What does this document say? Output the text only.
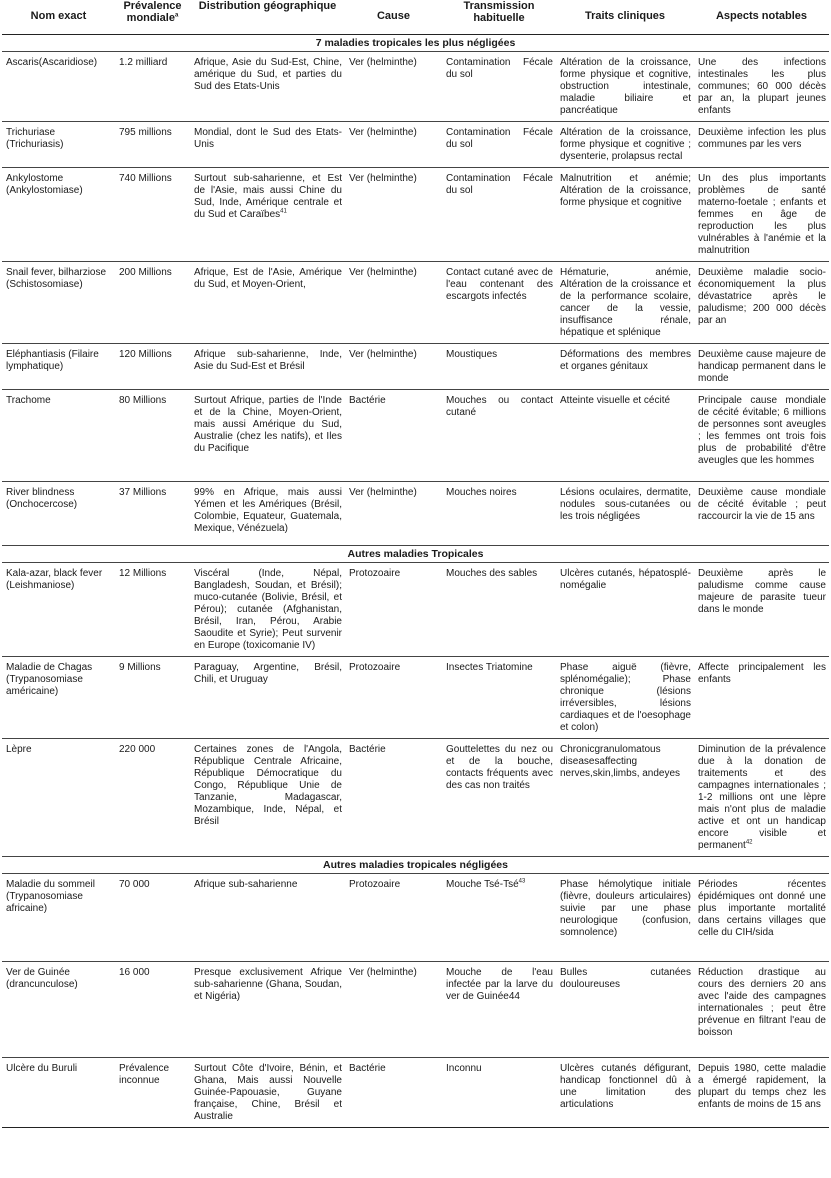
Nom exact	Prévalence mondiale$^a$	Distribution géographique	Cause	Transmission habituelle	Traits cliniques	Aspects notables

7 maladies tropicales les plus négligées						
Ascaris(Ascaridiose)	1.2 milliard	Afrique, Asie du Sud-Est, Chine, amérique du Sud, et parties du Sud des Etats-Unis	Ver (helminthe)	Contamination Fécale du sol	Altération de la croissance, forme physique et cognitive, obstruction intestinale, maladie biliaire et pancréatique	Une des infections intestinales les plus communes; 60 000 décès par an, la plupart jeunes enfants
Trichuriase (Trichuriasis)	795 millions	Mondial, dont le Sud des Etats-Unis	Ver (helminthe)	Contamination Fécale du sol	Altération de la croissance, forme physique et cognitive ; dysenterie, prolapsus rectal	Deuxième infection les plus communes par les vers
Ankylostome (Ankylostomiase)	740 Millions	Surtout sub-saharienne, et Est de l'Asie, mais aussi Chine du Sud, Inde, Amérique centrale et du Sud et Caraïbes$^{41}$	Ver (helminthe)	Contamination Fécale du sol	Malnutrition et anémie; Altération de la croissance, forme physique et cognitive	Un des plus importants problèmes de santé materno-foetale ; enfants et femmes en âge de reproduction les plus vulnérables à l'anémie et la malnutrition
Snail fever, bilharziose (Schistosomiase)	200 Millions	Afrique, Est de l'Asie, Amérique du Sud, et Moyen-Orient,	Ver (helminthe)	Contact cutané avec de l'eau contenant des escargots infectés	Hématurie, anémie, Altération de la croissance et de la performance scolaire, cancer de la vessie, insuffisance rénale, hépatique et splénique	Deuxième maladie socio-économiquement la plus dévastatrice après le paludisme; 200 000 décès par an
Eléphantiasis (Filaire lymphatique)	120 Millions	Afrique sub-saharienne, Inde, Asie du Sud-Est et Brésil	Ver (helminthe)	Moustiques	Déformations des membres et organes génitaux	Deuxième cause majeure de handicap permanent dans le monde
Trachome	80 Millions	Surtout Afrique, parties de l'Inde et de la Chine, Moyen-Orient, mais aussi Amérique du Sud, Australie (chez les natifs), et Iles du Pacifique	Bactérie	Mouches ou contact cutané	Atteinte visuelle et cécité	Principale cause mondiale de cécité évitable; 6 millions de personnes sont aveugles ; les femmes ont trois fois plus de probabilité d'être aveugles que les hommes
River blindness (Onchocercose)	37 Millions	99% en Afrique, mais aussi Yémen et les Amériques (Brésil, Colombie, Equateur, Guatemala, Mexique, Vénézuela)	Ver (helminthe)	Mouches noires	Lésions oculaires, dermatite, nodules sous-cutanées ou les trois négligées	Deuxième cause mondiale de cécité évitable ; peut raccourcir la vie de 15 ans
Autres maladies Tropicales						
Kala-azar, black fever (Leishmaniose)	12 Millions	Viscéral (Inde, Népal, Bangladesh, Soudan, et Brésil); muco-cutanée (Bolivie, Brésil, et Pérou); cutanée (Afghanistan, Brésil, Iran, Pérou, Arabie Saoudite et Syrie); Peut survenir en Europe (toxicomanie IV)	Protozoaire	Mouches des sables	Ulcères cutanés, hépatosplé-nomégalie	Deuxième après le paludisme comme cause majeure de parasite tueur dans le monde
Maladie de Chagas (Trypanosomiase américaine)	9 Millions	Paraguay, Argentine, Brésil, Chili, et Uruguay	Protozoaire	Insectes Triatomine	Phase aiguë (fièvre, splénomégalie); Phase chronique (lésions irréversibles, lésions cardiaques et de l'oesophage et colon)	Affecte principalement les enfants
Lèpre	220 000	Certaines zones de l'Angola, République Centrale Africaine, République Démocratique du Congo, République Unie de Tanzanie, Madagascar, Mozambique, Inde, Népal, et Brésil	Bactérie	Gouttelettes du nez ou et de la bouche, contacts fréquents avec des cas non traités	Chronicgranulomatous diseasesaffecting nerves,skin,limbs, andeyes	Diminution de la prévalence due à la donation de traitements et des campagnes internationales ; 1-2 millions ont une lèpre mais n'ont plus de maladie active et ont un handicap encore visible et permanent$^{42}$
Autres maladies tropicales négligées						
Maladie du sommeil (Trypanosomiase africaine)	70 000	Afrique sub-saharienne	Protozoaire	Mouche Tsé-Tsé$^{43}$	Phase hémolytique initiale (fièvre, douleurs articulaires) suivie par une phase neurologique (confusion, somnolence)	Périodes récentes épidémiques ont donné une plus importante mortalité dans certains villages que celle du CIH/sida
Ver de Guinée (drancunculose)	16 000	Presque exclusivement Afrique sub-saharienne (Ghana, Soudan, et Nigéria)	Ver (helminthe)	Mouche de l'eau infectée par la larve du ver de Guinée44	Bulles cutanées douloureuses	Réduction drastique au cours des derniers 20 ans avec l'aide des campagnes internationales ; peut être prévenue en filtrant l'eau de boisson
Ulcère du Buruli	Prévalence inconnue	Surtout Côte d'Ivoire, Bénin, et Ghana, Mais aussi Nouvelle Guinée-Papouasie, Guyane française, Chine, Brésil et Australie	Bactérie	Inconnu	Ulcères cutanés défigurant, handicap fonctionnel dû à une limitation des articulations	Depuis 1980, cette maladie a émergé rapidement, la plupart du temps chez les enfants de moins de 15 ans
